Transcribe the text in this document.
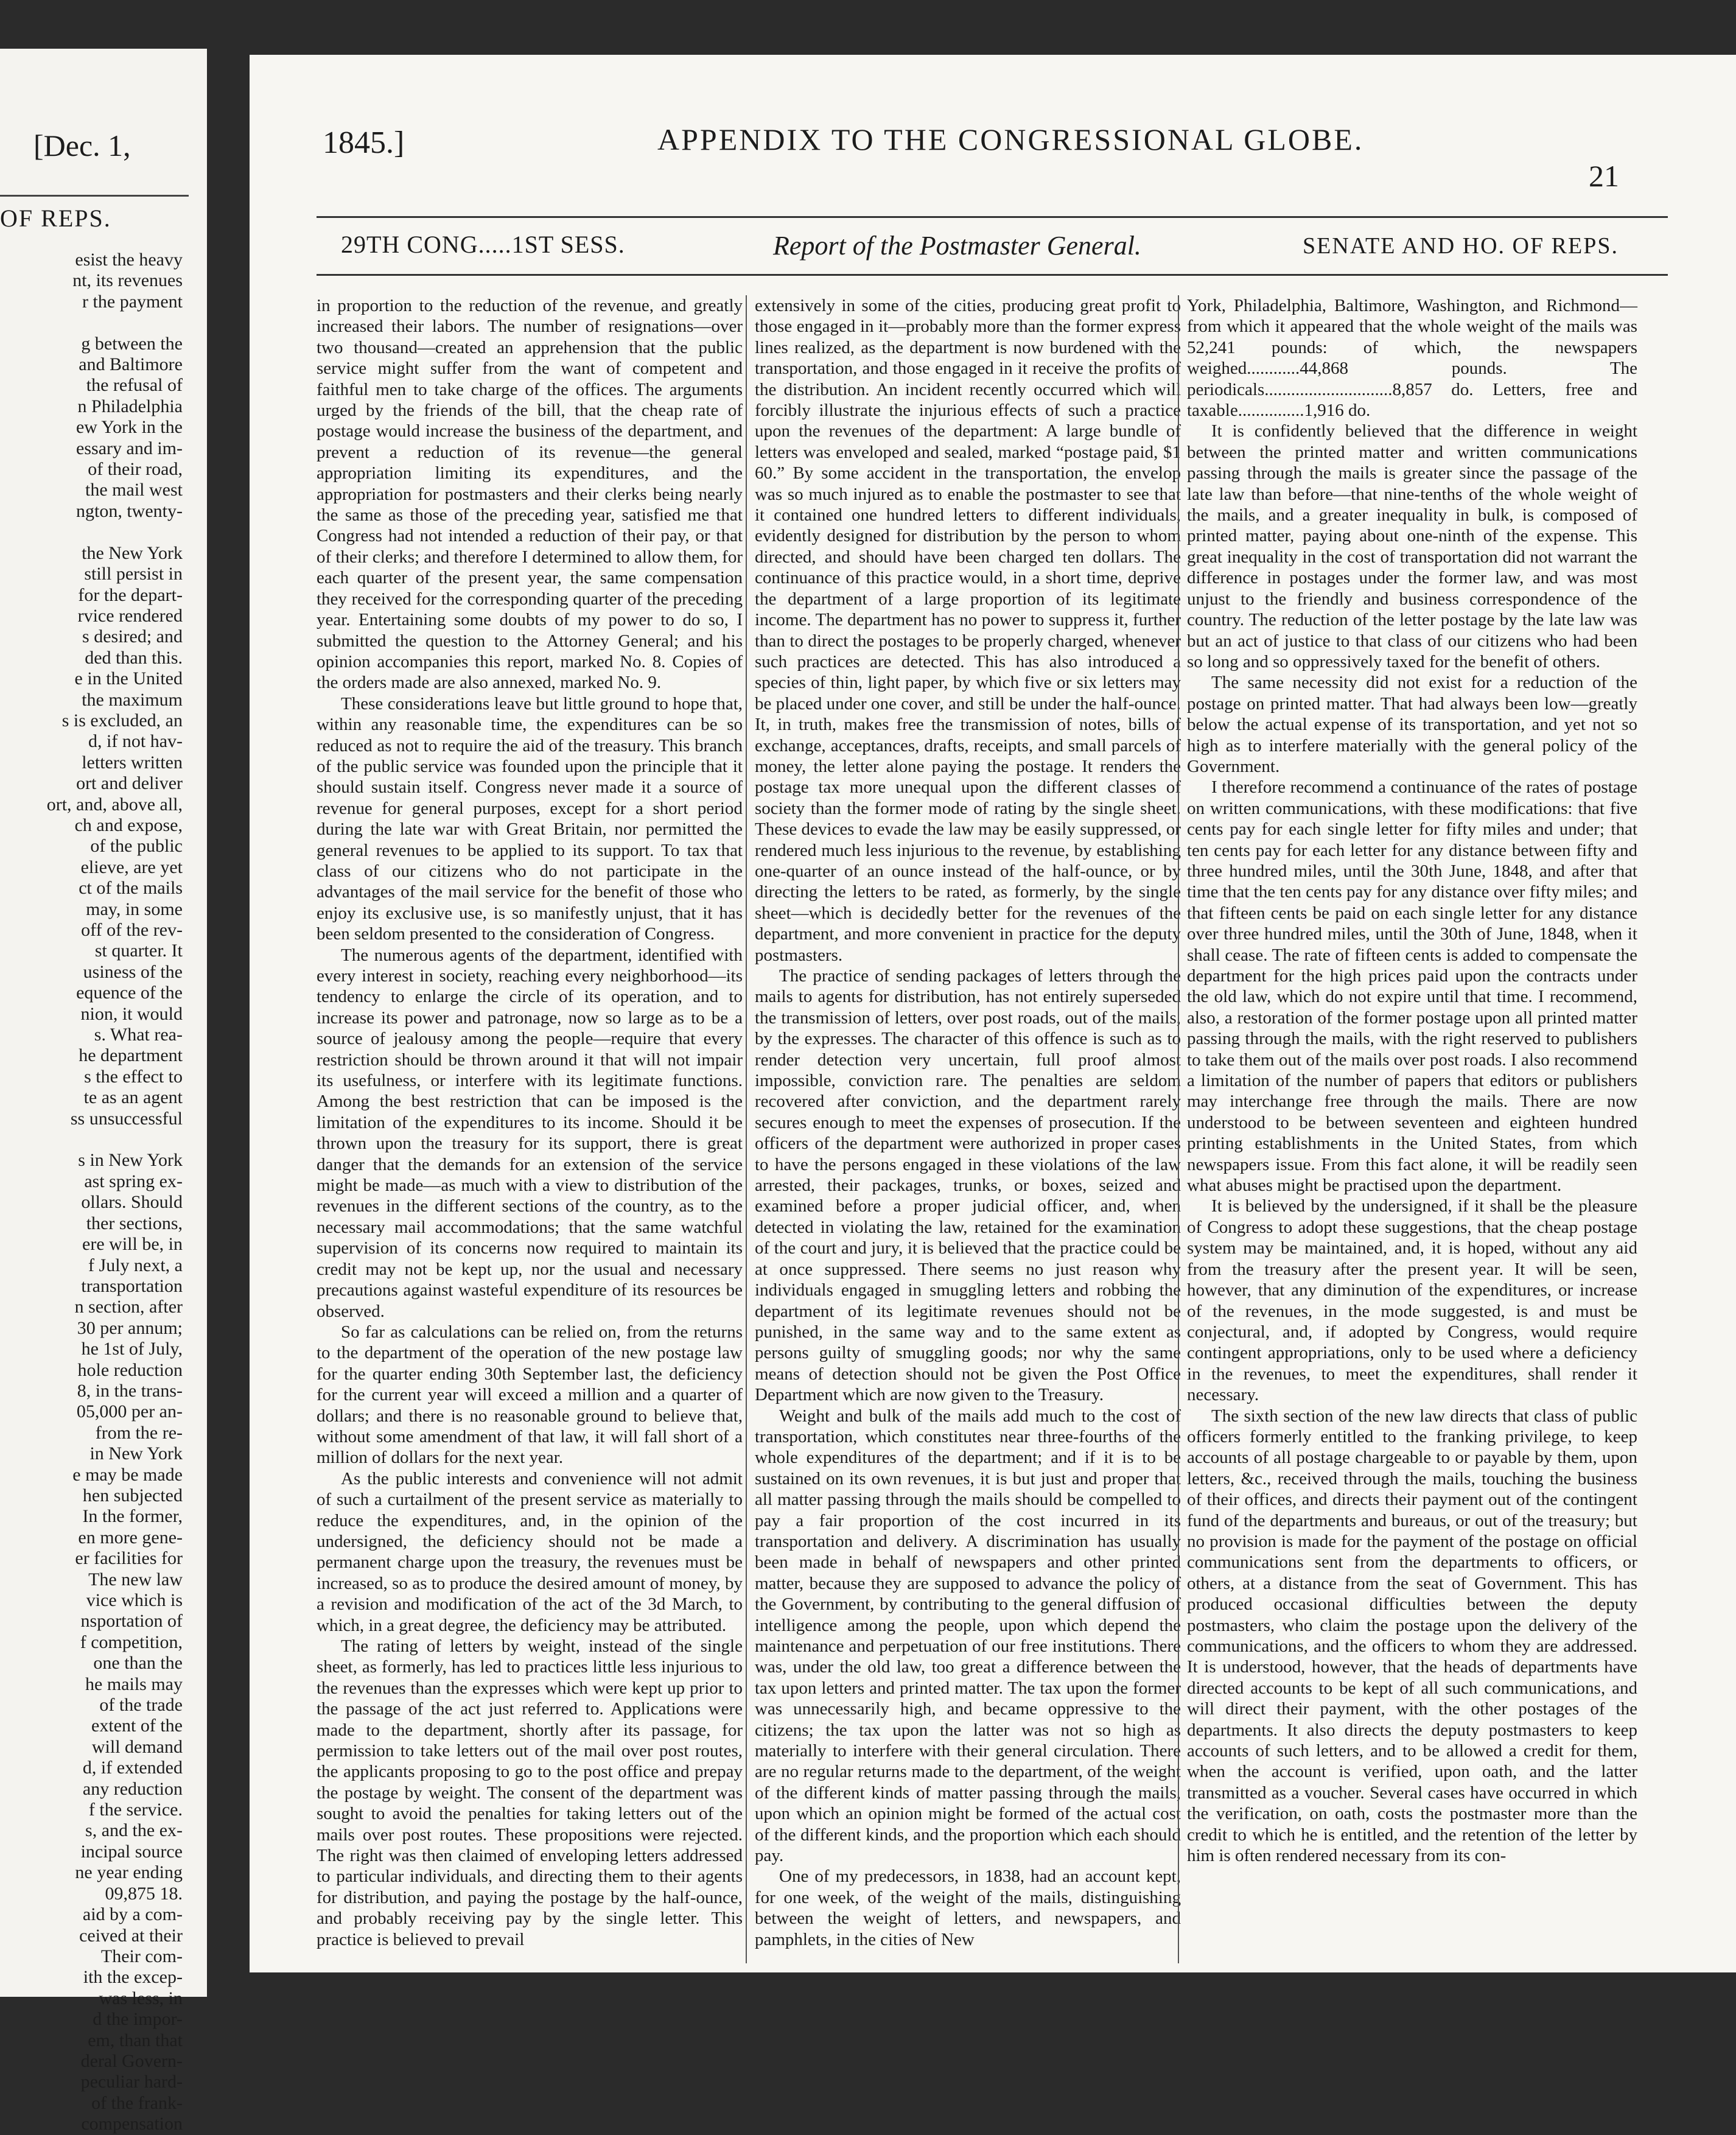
[Dec. 1,
OF REPS.
esist the heavy
nt, its revenues
r the payment

g between the
and Baltimore
the refusal of
n Philadelphia
ew York in the
essary and im-
of their road,
the mail west
ngton, twenty-

the New York
still persist in
for the depart-
rvice rendered
s desired; and
ded than this.
e in the United
the maximum
s is excluded, an
d, if not hav-
letters written
ort and deliver
ort, and, above all,
ch and expose,
of the public
elieve, are yet
ct of the mails
may, in some
off of the rev-
st quarter. It
usiness of the
equence of the
nion, it would
s. What rea-
he department
s the effect to
te as an agent
ss unsuccessful

s in New York
ast spring ex-
ollars. Should
ther sections,
ere will be, in
f July next, a
transportation
n section, after
30 per annum;
he 1st of July,
hole reduction
8, in the trans-
05,000 per an-
from the re-
in New York
e may be made
hen subjected
In the former,
en more gene-
er facilities for
The new law
vice which is
nsportation of
f competition,
one than the
he mails may
of the trade
extent of the
will demand
d, if extended
any reduction
f the service.
s, and the ex-
incipal source
ne year ending
09,875 18.
aid by a com-
ceived at their
Their com-
ith the excep-
was less, in
d the impor-
em, than that
deral Govern-
peculiar hard-
of the frank-
compensation
1845.]	APPENDIX TO THE CONGRESSIONAL GLOBE.
21
29TH CONG.....1ST SESS.	Report of the Postmaster General.	SENATE AND HO. OF REPS.

in proportion to the reduction of the revenue, and greatly increased their labors. The number of resignations—over two thousand—created an apprehension that the public service might suffer from the want of competent and faithful men to take charge of the offices. The arguments urged by the friends of the bill, that the cheap rate of postage would increase the business of the department, and prevent a reduction of its revenue—the general appropriation limiting its expenditures, and the appropriation for postmasters and their clerks being nearly the same as those of the preceding year, satisfied me that Congress had not intended a reduction of their pay, or that of their clerks; and therefore I determined to allow them, for each quarter of the present year, the same compensation they received for the corresponding quarter of the preceding year. Entertaining some doubts of my power to do so, I submitted the question to the Attorney General; and his opinion accompanies this report, marked No. 8. Copies of the orders made are also annexed, marked No. 9.

These considerations leave but little ground to hope that, within any reasonable time, the expenditures can be so reduced as not to require the aid of the treasury. This branch of the public service was founded upon the principle that it should sustain itself. Congress never made it a source of revenue for general purposes, except for a short period during the late war with Great Britain, nor permitted the general revenues to be applied to its support. To tax that class of our citizens who do not participate in the advantages of the mail service for the benefit of those who enjoy its exclusive use, is so manifestly unjust, that it has been seldom presented to the consideration of Congress.

The numerous agents of the department, identified with every interest in society, reaching every neighborhood—its tendency to enlarge the circle of its operation, and to increase its power and patronage, now so large as to be a source of jealousy among the people—require that every restriction should be thrown around it that will not impair its usefulness, or interfere with its legitimate functions. Among the best restriction that can be imposed is the limitation of the expenditures to its income. Should it be thrown upon the treasury for its support, there is great danger that the demands for an extension of the service might be made—as much with a view to distribution of the revenues in the different sections of the country, as to the necessary mail accommodations; that the same watchful supervision of its concerns now required to maintain its credit may not be kept up, nor the usual and necessary precautions against wasteful expenditure of its resources be observed.

So far as calculations can be relied on, from the returns to the department of the operation of the new postage law for the quarter ending 30th September last, the deficiency for the current year will exceed a million and a quarter of dollars; and there is no reasonable ground to believe that, without some amendment of that law, it will fall short of a million of dollars for the next year.

As the public interests and convenience will not admit of such a curtailment of the present service as materially to reduce the expenditures, and, in the opinion of the undersigned, the deficiency should not be made a permanent charge upon the treasury, the revenues must be increased, so as to produce the desired amount of money, by a revision and modification of the act of the 3d March, to which, in a great degree, the deficiency may be attributed.

The rating of letters by weight, instead of the single sheet, as formerly, has led to practices little less injurious to the revenues than the expresses which were kept up prior to the passage of the act just referred to. Applications were made to the department, shortly after its passage, for permission to take letters out of the mail over post routes, the applicants proposing to go to the post office and prepay the postage by weight. The consent of the department was sought to avoid the penalties for taking letters out of the mails over post routes. These propositions were rejected. The right was then claimed of enveloping letters addressed to particular individuals, and directing them to their agents for distribution, and paying the postage by the half-ounce, and probably receiving pay by the single letter. This practice is believed to prevail

extensively in some of the cities, producing great profit to those engaged in it—probably more than the former express lines realized, as the department is now burdened with the transportation, and those engaged in it receive the profits of the distribution. An incident recently occurred which will forcibly illustrate the injurious effects of such a practice upon the revenues of the department: A large bundle of letters was enveloped and sealed, marked “postage paid, $1 60.” By some accident in the transportation, the envelop was so much injured as to enable the postmaster to see that it contained one hundred letters to different individuals, evidently designed for distribution by the person to whom directed, and should have been charged ten dollars. The continuance of this practice would, in a short time, deprive the department of a large proportion of its legitimate income. The department has no power to suppress it, further than to direct the postages to be properly charged, whenever such practices are detected. This has also introduced a species of thin, light paper, by which five or six letters may be placed under one cover, and still be under the half-ounce. It, in truth, makes free the transmission of notes, bills of exchange, acceptances, drafts, receipts, and small parcels of money, the letter alone paying the postage. It renders the postage tax more unequal upon the different classes of society than the former mode of rating by the single sheet. These devices to evade the law may be easily suppressed, or rendered much less injurious to the revenue, by establishing one-quarter of an ounce instead of the half-ounce, or by directing the letters to be rated, as formerly, by the single sheet—which is decidedly better for the revenues of the department, and more convenient in practice for the deputy postmasters.

The practice of sending packages of letters through the mails to agents for distribution, has not entirely superseded the transmission of letters, over post roads, out of the mails, by the expresses. The character of this offence is such as to render detection very uncertain, full proof almost impossible, conviction rare. The penalties are seldom recovered after conviction, and the department rarely secures enough to meet the expenses of prosecution. If the officers of the department were authorized in proper cases to have the persons engaged in these violations of the law arrested, their packages, trunks, or boxes, seized and examined before a proper judicial officer, and, when detected in violating the law, retained for the examination of the court and jury, it is believed that the practice could be at once suppressed. There seems no just reason why individuals engaged in smuggling letters and robbing the department of its legitimate revenues should not be punished, in the same way and to the same extent as persons guilty of smuggling goods; nor why the same means of detection should not be given the Post Office Department which are now given to the Treasury.

Weight and bulk of the mails add much to the cost of transportation, which constitutes near three-fourths of the whole expenditures of the department; and if it is to be sustained on its own revenues, it is but just and proper that all matter passing through the mails should be compelled to pay a fair proportion of the cost incurred in its transportation and delivery. A discrimination has usually been made in behalf of newspapers and other printed matter, because they are supposed to advance the policy of the Government, by contributing to the general diffusion of intelligence among the people, upon which depend the maintenance and perpetuation of our free institutions. There was, under the old law, too great a difference between the tax upon letters and printed matter. The tax upon the former was unnecessarily high, and became oppressive to the citizens; the tax upon the latter was not so high as materially to interfere with their general circulation. There are no regular returns made to the department, of the weight of the different kinds of matter passing through the mails, upon which an opinion might be formed of the actual cost of the different kinds, and the proportion which each should pay.

One of my predecessors, in 1838, had an account kept, for one week, of the weight of the mails, distinguishing between the weight of letters, and newspapers, and pamphlets, in the cities of New

York, Philadelphia, Baltimore, Washington, and Richmond—from which it appeared that the whole weight of the mails was 52,241 pounds: of which, the newspapers weighed............44,868 pounds. The periodicals.............................8,857 do. Letters, free and taxable...............1,916 do.

It is confidently believed that the difference in weight between the printed matter and written communications passing through the mails is greater since the passage of the late law than before—that nine-tenths of the whole weight of the mails, and a greater inequality in bulk, is composed of printed matter, paying about one-ninth of the expense. This great inequality in the cost of transportation did not warrant the difference in postages under the former law, and was most unjust to the friendly and business correspondence of the country. The reduction of the letter postage by the late law was but an act of justice to that class of our citizens who had been so long and so oppressively taxed for the benefit of others.

The same necessity did not exist for a reduction of the postage on printed matter. That had always been low—greatly below the actual expense of its transportation, and yet not so high as to interfere materially with the general policy of the Government.

I therefore recommend a continuance of the rates of postage on written communications, with these modifications: that five cents pay for each single letter for fifty miles and under; that ten cents pay for each letter for any distance between fifty and three hundred miles, until the 30th June, 1848, and after that time that the ten cents pay for any distance over fifty miles; and that fifteen cents be paid on each single letter for any distance over three hundred miles, until the 30th of June, 1848, when it shall cease. The rate of fifteen cents is added to compensate the department for the high prices paid upon the contracts under the old law, which do not expire until that time. I recommend, also, a restoration of the former postage upon all printed matter passing through the mails, with the right reserved to publishers to take them out of the mails over post roads. I also recommend a limitation of the number of papers that editors or publishers may interchange free through the mails. There are now understood to be between seventeen and eighteen hundred printing establishments in the United States, from which newspapers issue. From this fact alone, it will be readily seen what abuses might be practised upon the department.

It is believed by the undersigned, if it shall be the pleasure of Congress to adopt these suggestions, that the cheap postage system may be maintained, and, it is hoped, without any aid from the treasury after the present year. It will be seen, however, that any diminution of the expenditures, or increase of the revenues, in the mode suggested, is and must be conjectural, and, if adopted by Congress, would require contingent appropriations, only to be used where a deficiency in the revenues, to meet the expenditures, shall render it necessary.

The sixth section of the new law directs that class of public officers formerly entitled to the franking privilege, to keep accounts of all postage chargeable to or payable by them, upon letters, &c., received through the mails, touching the business of their offices, and directs their payment out of the contingent fund of the departments and bureaus, or out of the treasury; but no provision is made for the payment of the postage on official communications sent from the departments to officers, or others, at a distance from the seat of Government. This has produced occasional difficulties between the deputy postmasters, who claim the postage upon the delivery of the communications, and the officers to whom they are addressed. It is understood, however, that the heads of departments have directed accounts to be kept of all such communications, and will direct their payment, with the other postages of the departments. It also directs the deputy postmasters to keep accounts of such letters, and to be allowed a credit for them, when the account is verified, upon oath, and the latter transmitted as a voucher. Several cases have occurred in which the verification, on oath, costs the postmaster more than the credit to which he is entitled, and the retention of the letter by him is often rendered necessary from its con-
